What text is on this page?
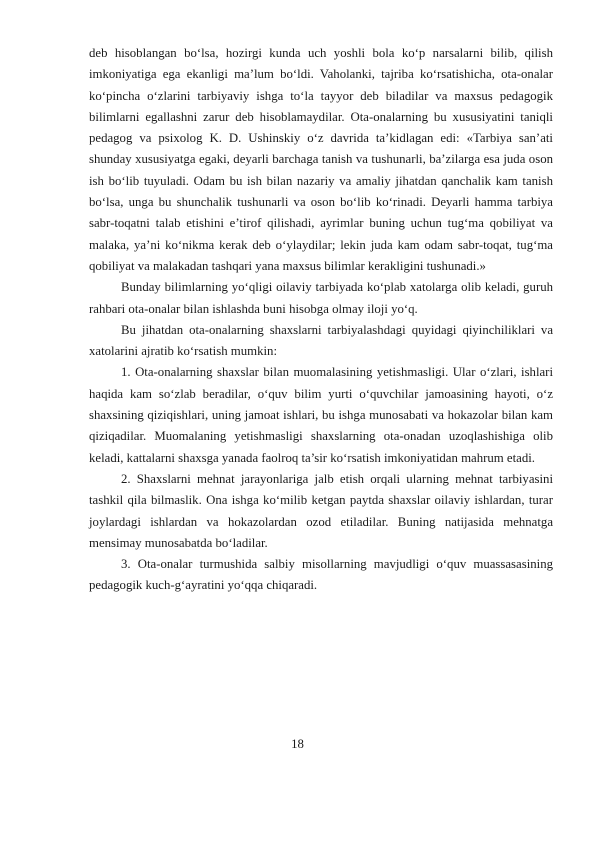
deb hisoblangan bo‘lsa, hozirgi kunda uch yoshli bola ko‘p narsalarni bilib, qilish imkoniyatiga ega ekanligi ma’lum bo‘ldi. Vaholanki, tajriba ko‘rsatishicha, ota-onalar ko‘pincha o‘zlarini tarbiyaviy ishga to‘la tayyor deb biladilar va maxsus pedagogik bilimlarni egallashni zarur deb hisoblamaydilar. Ota-onalarning bu xususiyatini taniqli pedagog va psixolog K. D. Ushinskiy o‘z davrida ta’kidlagan edi: «Tarbiya san’ati shunday xususiyatga egaki, deyarli barchaga tanish va tushunarli, ba’zilarga esa juda oson ish bo‘lib tuyuladi. Odam bu ish bilan nazariy va amaliy jihatdan qanchalik kam tanish bo‘lsa, unga bu shunchalik tushunarli va oson bo‘lib ko‘rinadi. Deyarli hamma tarbiya sabr-toqatni talab etishini e’tirof qilishadi, ayrimlar buning uchun tug‘ma qobiliyat va malaka, ya’ni ko‘nikma kerak deb o‘ylaydilar; lekin juda kam odam sabr-toqat, tug‘ma qobiliyat va malakadan tashqari yana maxsus bilimlar kerakligini tushunadi.»

Bunday bilimlarning yo‘qligi oilaviy tarbiyada ko‘plab xatolarga olib keladi, guruh rahbari ota-onalar bilan ishlashda buni hisobga olmay iloji yo‘q.

Bu jihatdan ota-onalarning shaxslarni tarbiyalashdagi quyidagi qiyinchiliklari va xatolarini ajratib ko‘rsatish mumkin:

1. Ota-onalarning shaxslar bilan muomalasining yetishmasligi. Ular o‘zlari, ishlari haqida kam so‘zlab beradilar, o‘quv bilim yurti o‘quvchilar jamoasining hayoti, o‘z shaxsining qiziqishlari, uning jamoat ishlari, bu ishga munosabati va hokazolar bilan kam qiziqadilar. Muomalaning yetishmasligi shaxslarning ota-onadan uzoqlashishiga olib keladi, kattalarni shaxsga yanada faolroq ta’sir ko‘rsatish imkoniyatidan mahrum etadi.

2. Shaxslarni mehnat jarayonlariga jalb etish orqali ularning mehnat tarbiyasini tashkil qila bilmaslik. Ona ishga ko‘milib ketgan paytda shaxslar oilaviy ishlardan, turar joylardagi ishlardan va hokazolardan ozod etiladilar. Buning natijasida mehnatga mensimay munosabatda bo‘ladilar.

3. Ota-onalar turmushida salbiy misollarning mavjudligi o‘quv muassasasining pedagogik kuch-g‘ayratini yo‘qqa chiqaradi.

18
